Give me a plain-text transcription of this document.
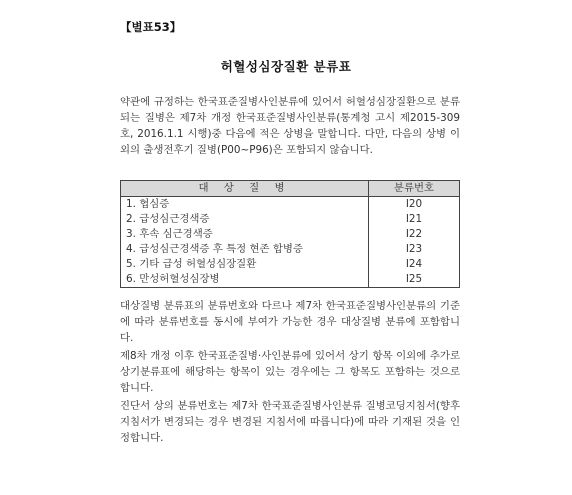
【별표53】
허혈성심장질환 분류표
약관에 규정하는 한국표준질병사인분류에 있어서 허혈성심장질환으로 분류되는 질병은 제7차 개정 한국표준질병사인분류(통계청 고시 제2015-309호, 2016.1.1 시행)중 다음에 적은 상병을 말합니다. 다만, 다음의 상병 이외의 출생전후기 질병(P00~P96)은 포함되지 않습니다.
대 상 질 병	분류번호
1. 협심증	I20
2. 급성심근경색증	I21
3. 후속 심근경색증	I22
4. 급성심근경색증 후 특정 현존 합병증	I23
5. 기타 급성 허혈성심장질환	I24
6. 만성허혈성심장병	I25

대상질병 분류표의 분류번호와 다르나 제7차 한국표준질병사인분류의 기준에 따라 분류번호를 동시에 부여가 가능한 경우 대상질병 분류에 포함합니다.

제8차 개정 이후 한국표준질병·사인분류에 있어서 상기 항목 이외에 추가로 상기분류표에 해당하는 항목이 있는 경우에는 그 항목도 포함하는 것으로 합니다.

진단서 상의 분류번호는 제7차 한국표준질병사인분류 질병코딩지침서(향후 지침서가 변경되는 경우 변경된 지침서에 따릅니다)에 따라 기재된 것을 인정합니다.
